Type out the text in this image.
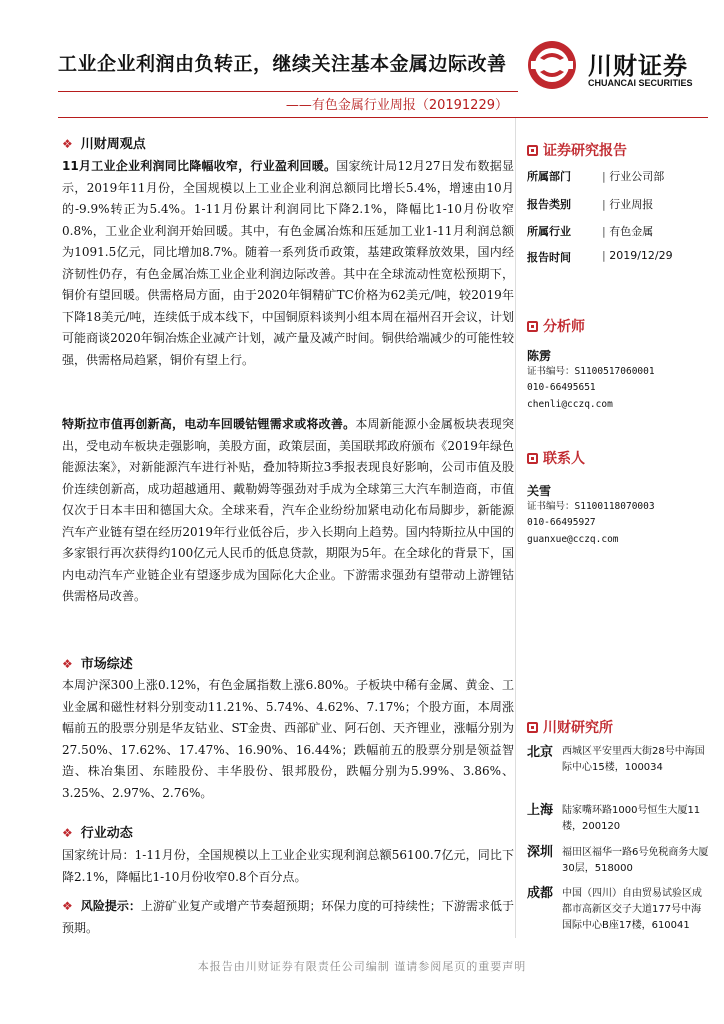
工业企业利润由负转正，继续关注基本金属边际改善
——有色金属行业周报（20191229）
川财证券
CHUANCAI SECURITIES
❖ 川财周观点
11月工业企业利润同比降幅收窄，行业盈利回暖。国家统计局12月27日发布数据显示，2019年11月份，全国规模以上工业企业利润总额同比增长5.4%，增速由10月的-9.9%转正为5.4%。1-11月份累计利润同比下降2.1%，降幅比1-10月份收窄0.8%，工业企业利润开始回暖。其中，有色金属冶炼和压延加工业1-11月利润总额为1091.5亿元，同比增加8.7%。随着一系列货币政策，基建政策释放效果，国内经济韧性仍存，有色金属冶炼工业企业利润边际改善。其中在全球流动性宽松预期下，铜价有望回暖。供需格局方面，由于2020年铜精矿TC价格为62美元/吨，较2019年下降18美元/吨，连续低于成本线下，中国铜原料谈判小组本周在福州召开会议，计划可能商谈2020年铜冶炼企业减产计划，减产量及减产时间。铜供给端减少的可能性较强，供需格局趋紧，铜价有望上行。
特斯拉市值再创新高，电动车回暖钴锂需求或将改善。本周新能源小金属板块表现突出，受电动车板块走强影响，美股方面，政策层面，美国联邦政府颁布《2019年绿色能源法案》，对新能源汽车进行补贴，叠加特斯拉3季报表现良好影响，公司市值及股价连续创新高，成功超越通用、戴勒姆等强劲对手成为全球第三大汽车制造商，市值仅次于日本丰田和德国大众。全球来看，汽车企业纷纷加紧电动化布局脚步，新能源汽车产业链有望在经历2019年行业低谷后，步入长期向上趋势。国内特斯拉从中国的多家银行再次获得约100亿元人民币的低息贷款，期限为5年。在全球化的背景下，国内电动汽车产业链企业有望逐步成为国际化大企业。下游需求强劲有望带动上游锂钴供需格局改善。
❖ 市场综述
本周沪深300上涨0.12%，有色金属指数上涨6.80%。子板块中稀有金属、黄金、工业金属和磁性材料分别变动11.21%、5.74%、4.62%、7.17%；个股方面，本周涨幅前五的股票分别是华友钴业、ST金贵、西部矿业、阿石创、天齐锂业，涨幅分别为27.50%、17.62%、17.47%、16.90%、16.44%；跌幅前五的股票分别是领益智造、株冶集团、东睦股份、丰华股份、银邦股份，跌幅分别为5.99%、3.86%、3.25%、2.97%、2.76%。
❖ 行业动态
国家统计局：1-11月份，全国规模以上工业企业实现利润总额56100.7亿元，同比下降2.1%，降幅比1-10月份收窄0.8个百分点。
❖ 风险提示：上游矿业复产或增产节奏超预期；环保力度的可持续性；下游需求低于预期。
证券研究报告
所属部门	| 行业公司部
报告类别	| 行业周报
所属行业	| 有色金属
报告时间	| 2019/12/29
分析师
陈雳
证书编号：S1100517060001
010-66495651
chenli@cczq.com
联系人
关雪
证书编号：S1100118070003
010-66495927
guanxue@cczq.com
川财研究所
北京 西城区平安里西大街28号中海国际中心15楼，100034
上海 陆家嘴环路1000号恒生大厦11楼，200120
深圳 福田区福华一路6号免税商务大厦30层，518000
成都 中国（四川）自由贸易试验区成都市高新区交子大道177号中海国际中心B座17楼，610041
本报告由川财证券有限责任公司编制 谨请参阅尾页的重要声明
